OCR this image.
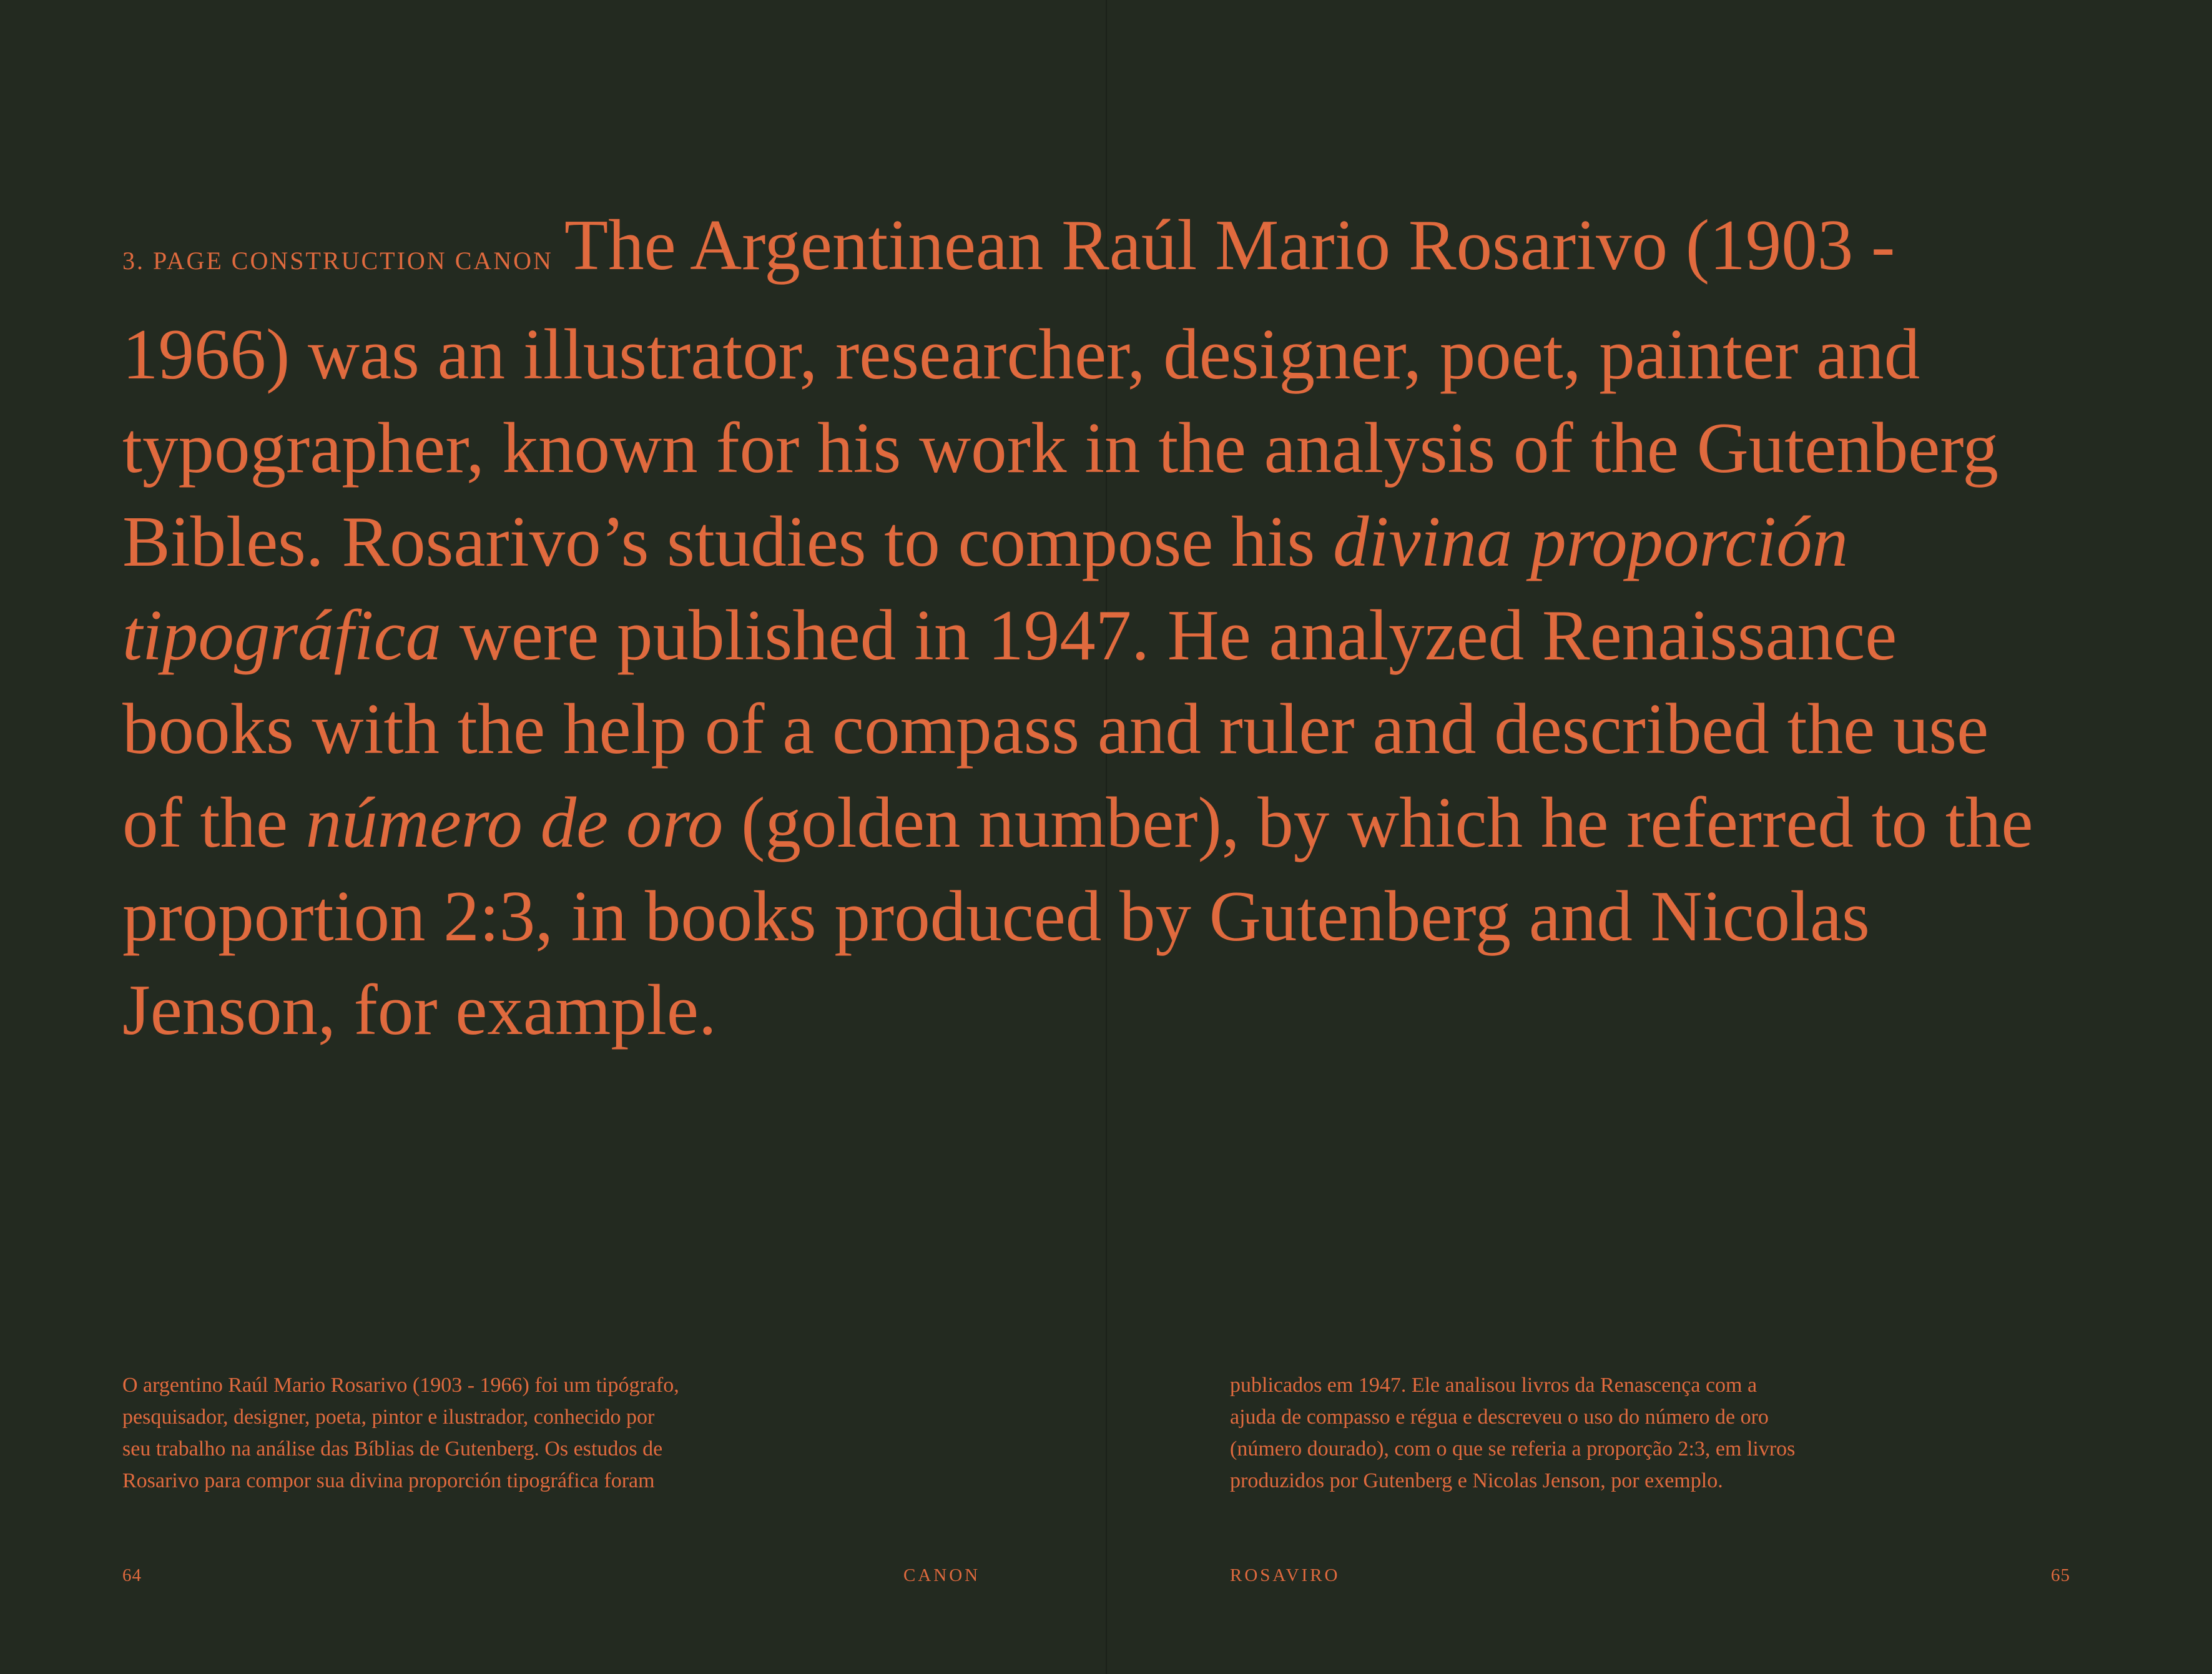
3. PAGE CONSTRUCTION CANON The Argentinean Raúl Mario Rosarivo (1903 - 1966) was an illustrator, researcher, designer, poet, painter and typographer, known for his work in the analysis of the Gutenberg Bibles. Rosarivo’s studies to compose his divina proporción tipográfica were published in 1947. He analyzed Renaissance books with the help of a compass and ruler and described the use of the número de oro (golden number), by which he referred to the proportion 2:3, in books produced by Gutenberg and Nicolas Jenson, for example.

O argentino Raúl Mario Rosarivo (1903 - 1966) foi um tipógrafo,
pesquisador, designer, poeta, pintor e ilustrador, conhecido por
seu trabalho na análise das Bíblias de Gutenberg. Os estudos de
Rosarivo para compor sua divina proporción tipográfica foram
publicados em 1947. Ele analisou livros da Renascença com a
ajuda de compasso e régua e descreveu o uso do número de oro
(número dourado), com o que se referia a proporção 2:3, em livros
produzidos por Gutenberg e Nicolas Jenson, por exemplo.
64	CANON	ROSAVIRO	65
